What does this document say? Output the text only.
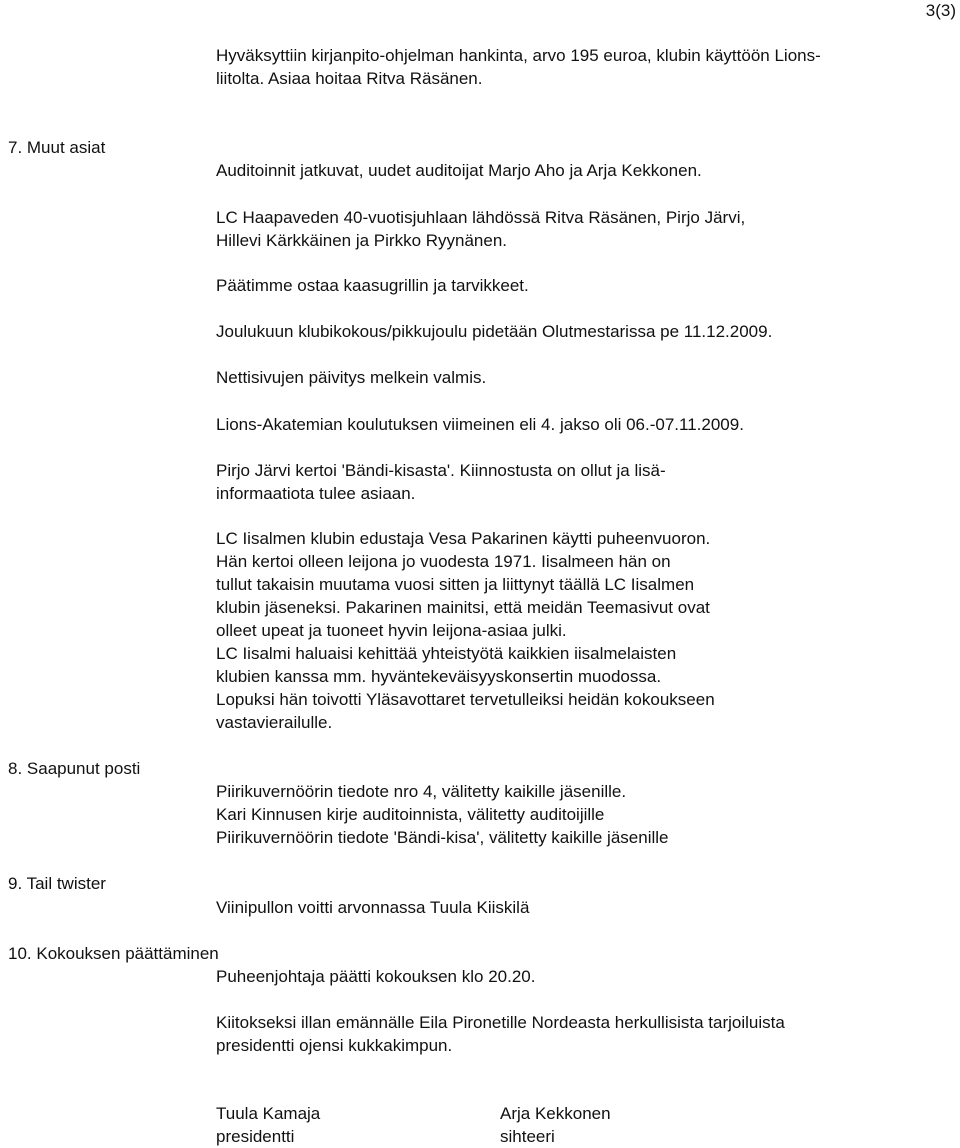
3(3)
Hyväksyttiin kirjanpito-ohjelman hankinta, arvo 195 euroa, klubin käyttöön Lions-
liitolta. Asiaa hoitaa Ritva Räsänen.
7. Muut asiat
Auditoinnit jatkuvat, uudet auditoijat Marjo Aho ja Arja Kekkonen.
LC Haapaveden 40-vuotisjuhlaan lähdössä Ritva Räsänen, Pirjo Järvi,
Hillevi Kärkkäinen ja Pirkko Ryynänen.
Päätimme ostaa kaasugrillin ja tarvikkeet.
Joulukuun klubikokous/pikkujoulu pidetään Olutmestarissa pe 11.12.2009.
Nettisivujen päivitys melkein valmis.
Lions-Akatemian koulutuksen viimeinen eli 4. jakso oli 06.-07.11.2009.
Pirjo Järvi kertoi 'Bändi-kisasta'. Kiinnostusta on ollut ja lisä-
informaatiota tulee asiaan.
LC Iisalmen klubin edustaja Vesa Pakarinen käytti puheenvuoron.
Hän kertoi olleen leijona jo vuodesta 1971. Iisalmeen hän on
tullut takaisin muutama vuosi sitten ja liittynyt täällä LC Iisalmen
klubin jäseneksi. Pakarinen mainitsi, että meidän Teemasivut ovat
olleet upeat ja tuoneet hyvin leijona-asiaa julki.
LC Iisalmi haluaisi kehittää yhteistyötä kaikkien iisalmelaisten
klubien kanssa mm. hyväntekeväisyyskonsertin muodossa.
Lopuksi hän toivotti Yläsavottaret tervetulleiksi heidän kokoukseen
vastavierailulle.
8. Saapunut posti
Piirikuvernöörin tiedote nro 4, välitetty kaikille jäsenille.
Kari Kinnusen kirje auditoinnista, välitetty auditoijille
Piirikuvernöörin tiedote 'Bändi-kisa', välitetty kaikille jäsenille
9. Tail twister
Viinipullon voitti arvonnassa Tuula Kiiskilä
10. Kokouksen päättäminen
Puheenjohtaja päätti kokouksen klo 20.20.
Kiitokseksi illan emännälle Eila Pironetille Nordeasta herkullisista tarjoiluista
presidentti ojensi kukkakimpun.
Tuula Kamaja
presidentti
Arja Kekkonen
sihteeri
